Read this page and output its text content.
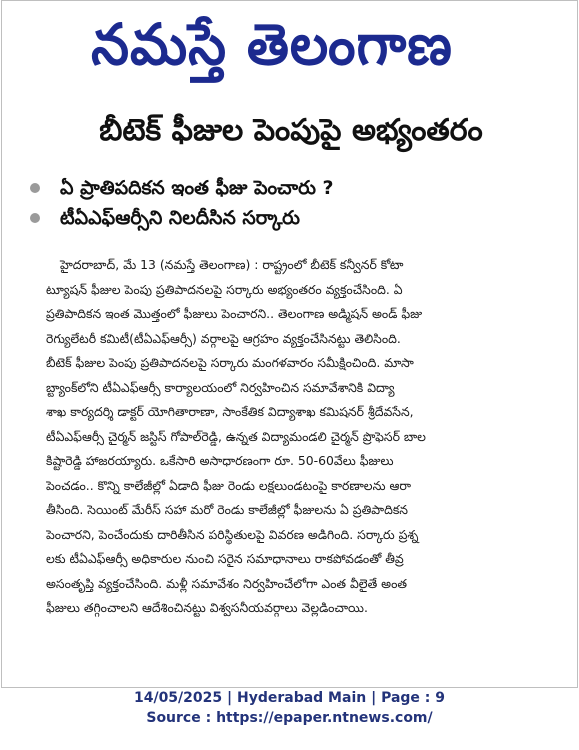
నమస్తే తెలంగాణ
బీటెక్ ఫీజుల పెంపుపై అభ్యంతరం
ఏ ప్రాతిపదికన ఇంత ఫీజు పెంచారు ?
టీఏఎఫ్ఆర్సీని నిలదీసిన సర్కారు
హైదరాబాద్, మే 13 (నమస్తే తెలంగాణ) : రాష్ట్రంలో బీటెక్ కన్వీనర్ కోటా
ట్యూషన్ ఫీజుల పెంపు ప్రతిపాదనలపై సర్కారు అభ్యంతరం వ్యక్తంచేసింది. ఏ
ప్రతిపాదికన ఇంత మొత్తంలో ఫీజులు పెంచారని.. తెలంగాణ అడ్మిషన్ అండ్ ఫీజు
రెగ్యులేటరీ కమిటీ(టీఏఎఫ్ఆర్సీ) వర్గాలపై ఆగ్రహం వ్యక్తంచేసినట్టు తెలిసింది.
బీటెక్ ఫీజుల పెంపు ప్రతిపాదనలపై సర్కారు మంగళవారం సమీక్షించింది. మాసా
బ్ట్యాంక్‌లోని టీఏఎఫ్ఆర్సీ కార్యాలయంలో నిర్వహించిన సమావేశానికి విద్యా
శాఖ కార్యదర్శి డాక్టర్ యోగితారాణా, సాంకేతిక విద్యాశాఖ కమిషనర్ శ్రీదేవసేన,
టీఏఎఫ్ఆర్సీ చైర్మన్ జస్టిస్ గోపాల్‌రెడ్డి, ఉన్నత విద్యామండలి చైర్మన్ ప్రొఫెసర్ బాల
కిష్టారెడ్డి హాజరయ్యారు. ఒకేసారి అసాధారణంగా రూ. 50-60వేలు ఫీజులు
పెంచడం.. కొన్ని కాలేజీల్లో ఏడాది ఫీజు రెండు లక్షలుండటంపై కారణాలను ఆరా
తీసింది. సెయింట్ మేరీస్ సహా మరో రెండు కాలేజీల్లో ఫీజులను ఏ ప్రతిపాదికన
పెంచారని, పెంచేందుకు దారితీసిన పరిస్థితులపై వివరణ అడిగింది. సర్కారు ప్రశ్న
లకు టీఏఎఫ్ఆర్సీ అధికారుల నుంచి సరైన సమాధానాలు రాకపోవడంతో తీవ్ర
అసంతృప్తి వ్యక్తంచేసింది. మళ్లీ సమావేశం నిర్వహించేలోగా ఎంత వీలైతే అంత
ఫీజులు తగ్గించాలని ఆదేశించినట్టు విశ్వసనీయవర్గాలు వెల్లడించాయి.
14/05/2025 | Hyderabad Main | Page : 9
Source : https://epaper.ntnews.com/
